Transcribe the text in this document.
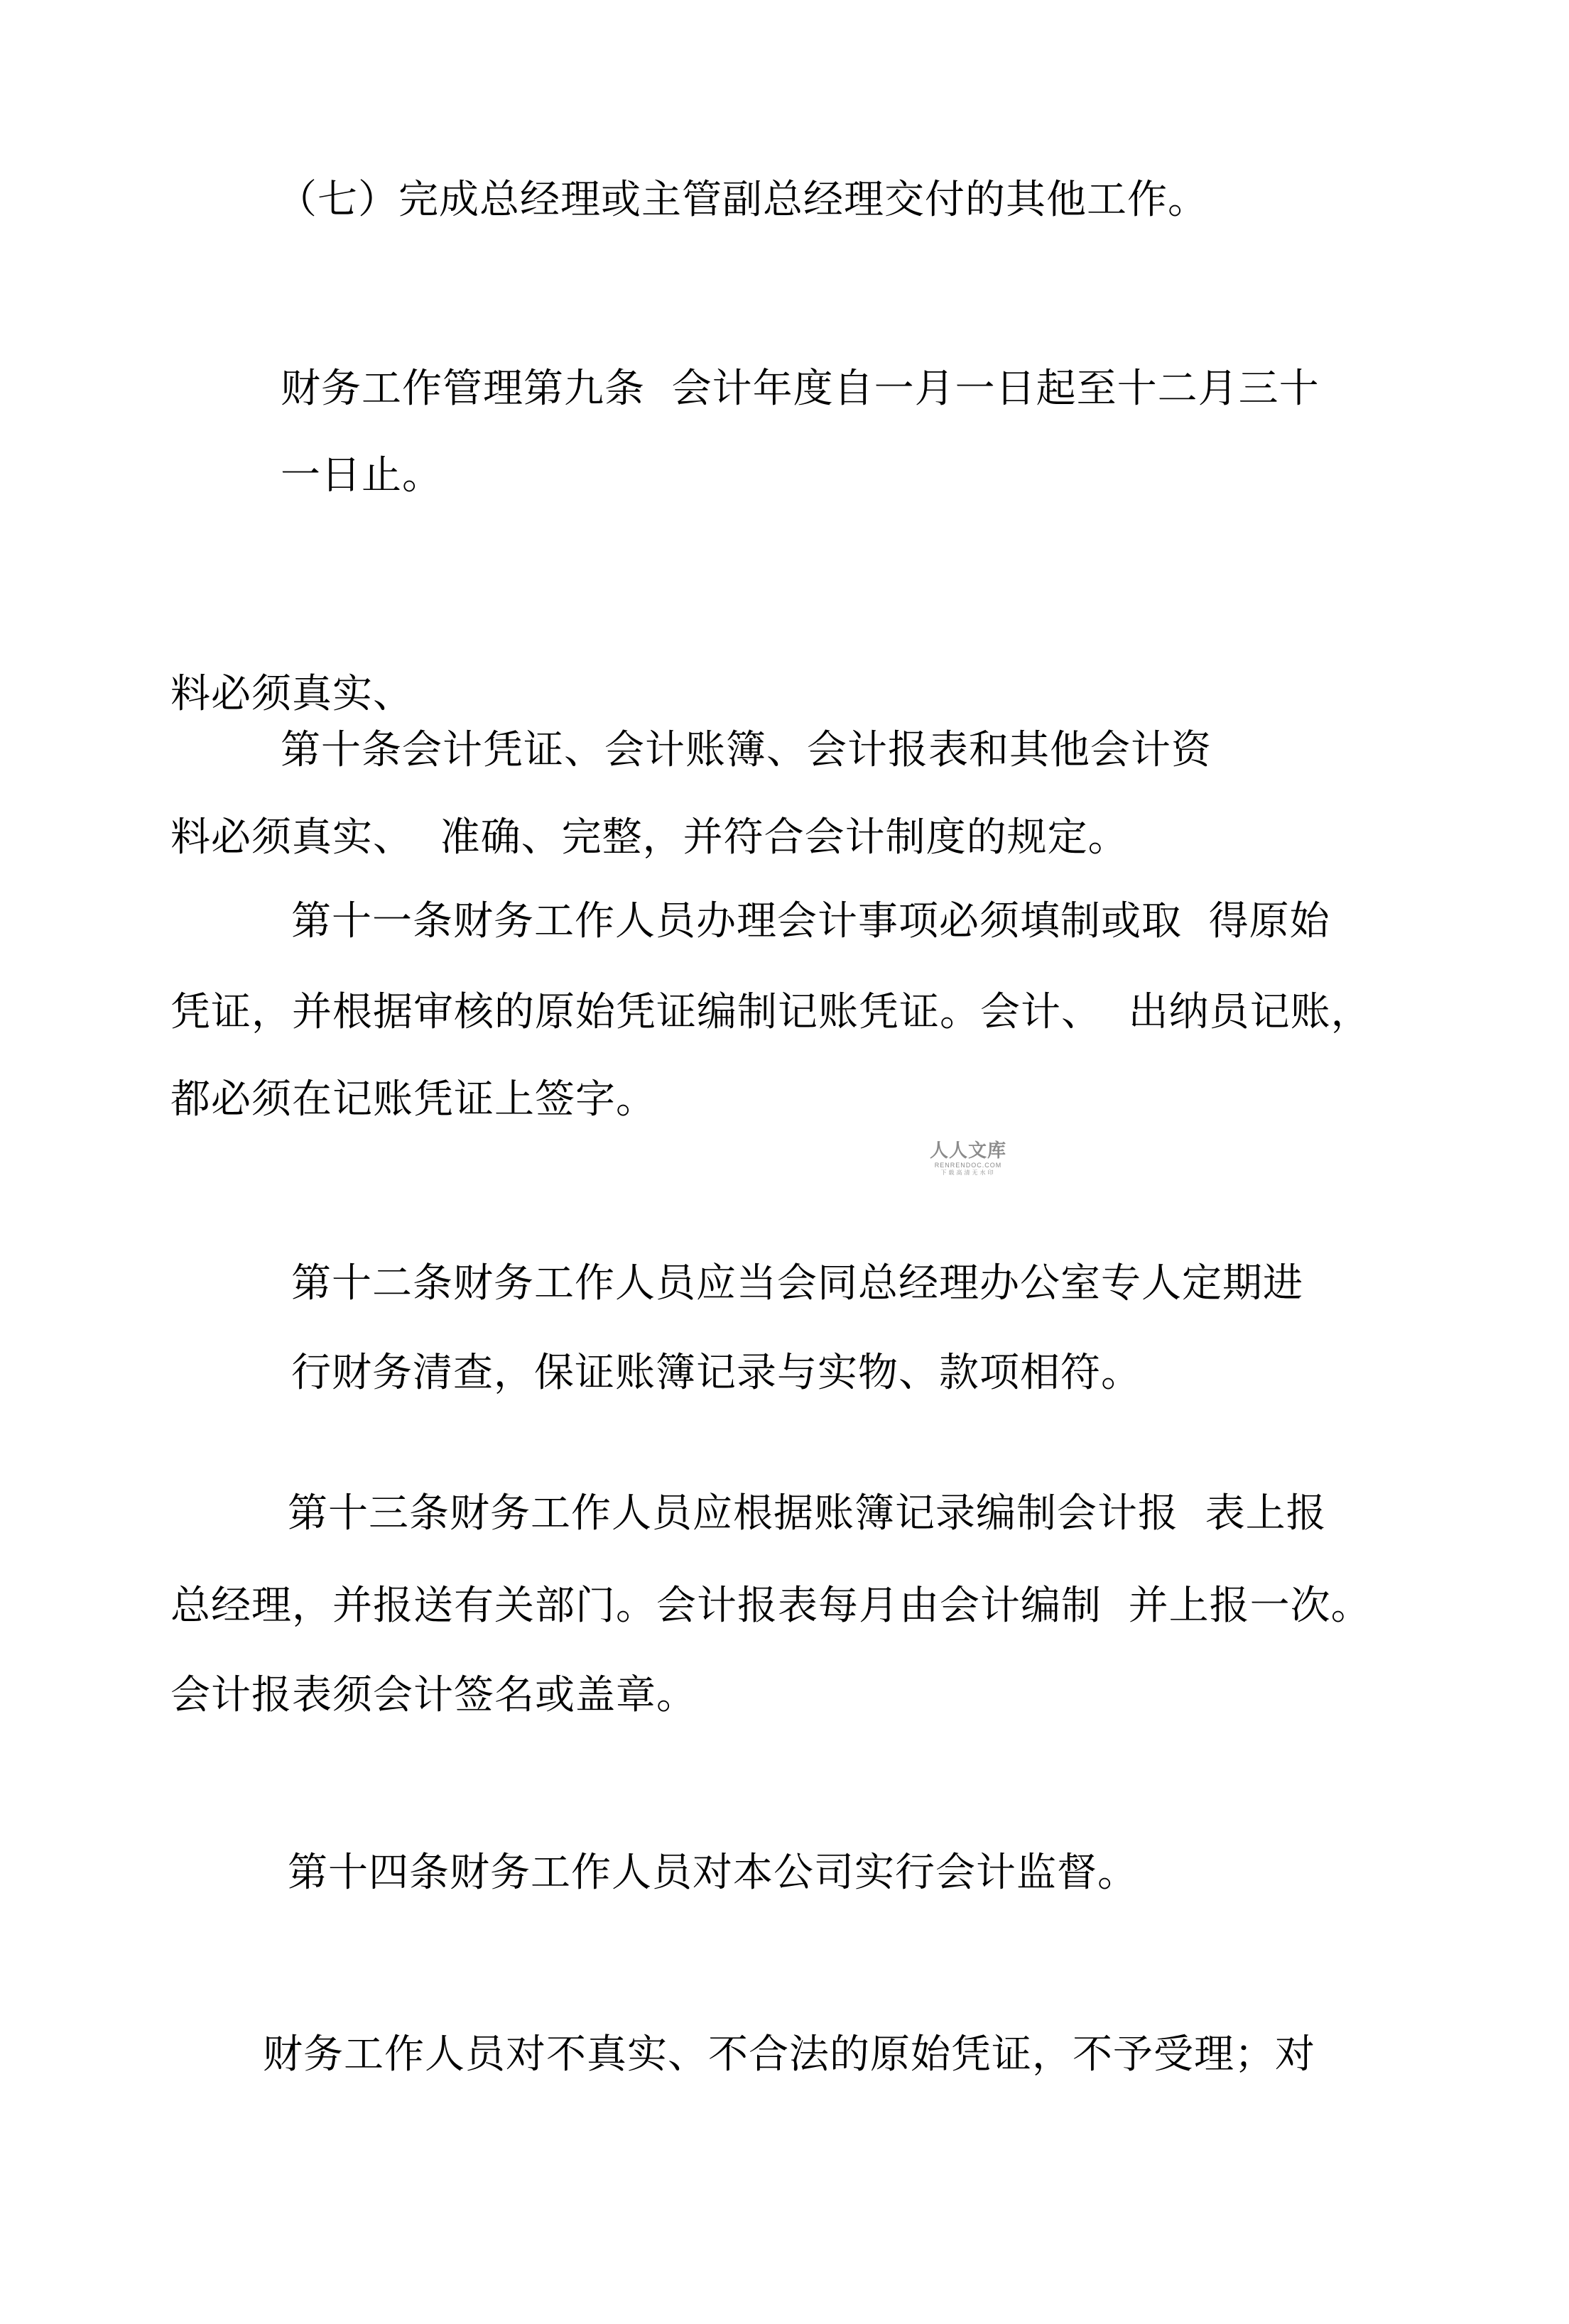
（七）完成总经理或主管副总经理交付的其他工作。
财务工作管理第九条  会计年度自一月一日起至十二月三十
一日止。
料必须真实、
第十条会计凭证、会计账簿、会计报表和其他会计资
料必须真实、  准确、完整，并符合会计制度的规定。
第十一条财务工作人员办理会计事项必须填制或取  得原始
凭证，并根据审核的原始凭证编制记账凭证。会计、  出纳员记账，
都必须在记账凭证上签字。
人人文库
RENRENDOC.COM
下载高清无水印
第十二条财务工作人员应当会同总经理办公室专人定期进
行财务清查，保证账簿记录与实物、款项相符。
第十三条财务工作人员应根据账簿记录编制会计报  表上报
总经理，并报送有关部门。会计报表每月由会计编制  并上报一次。
会计报表须会计签名或盖章。
第十四条财务工作人员对本公司实行会计监督。
财务工作人员对不真实、不合法的原始凭证，不予受理；对
